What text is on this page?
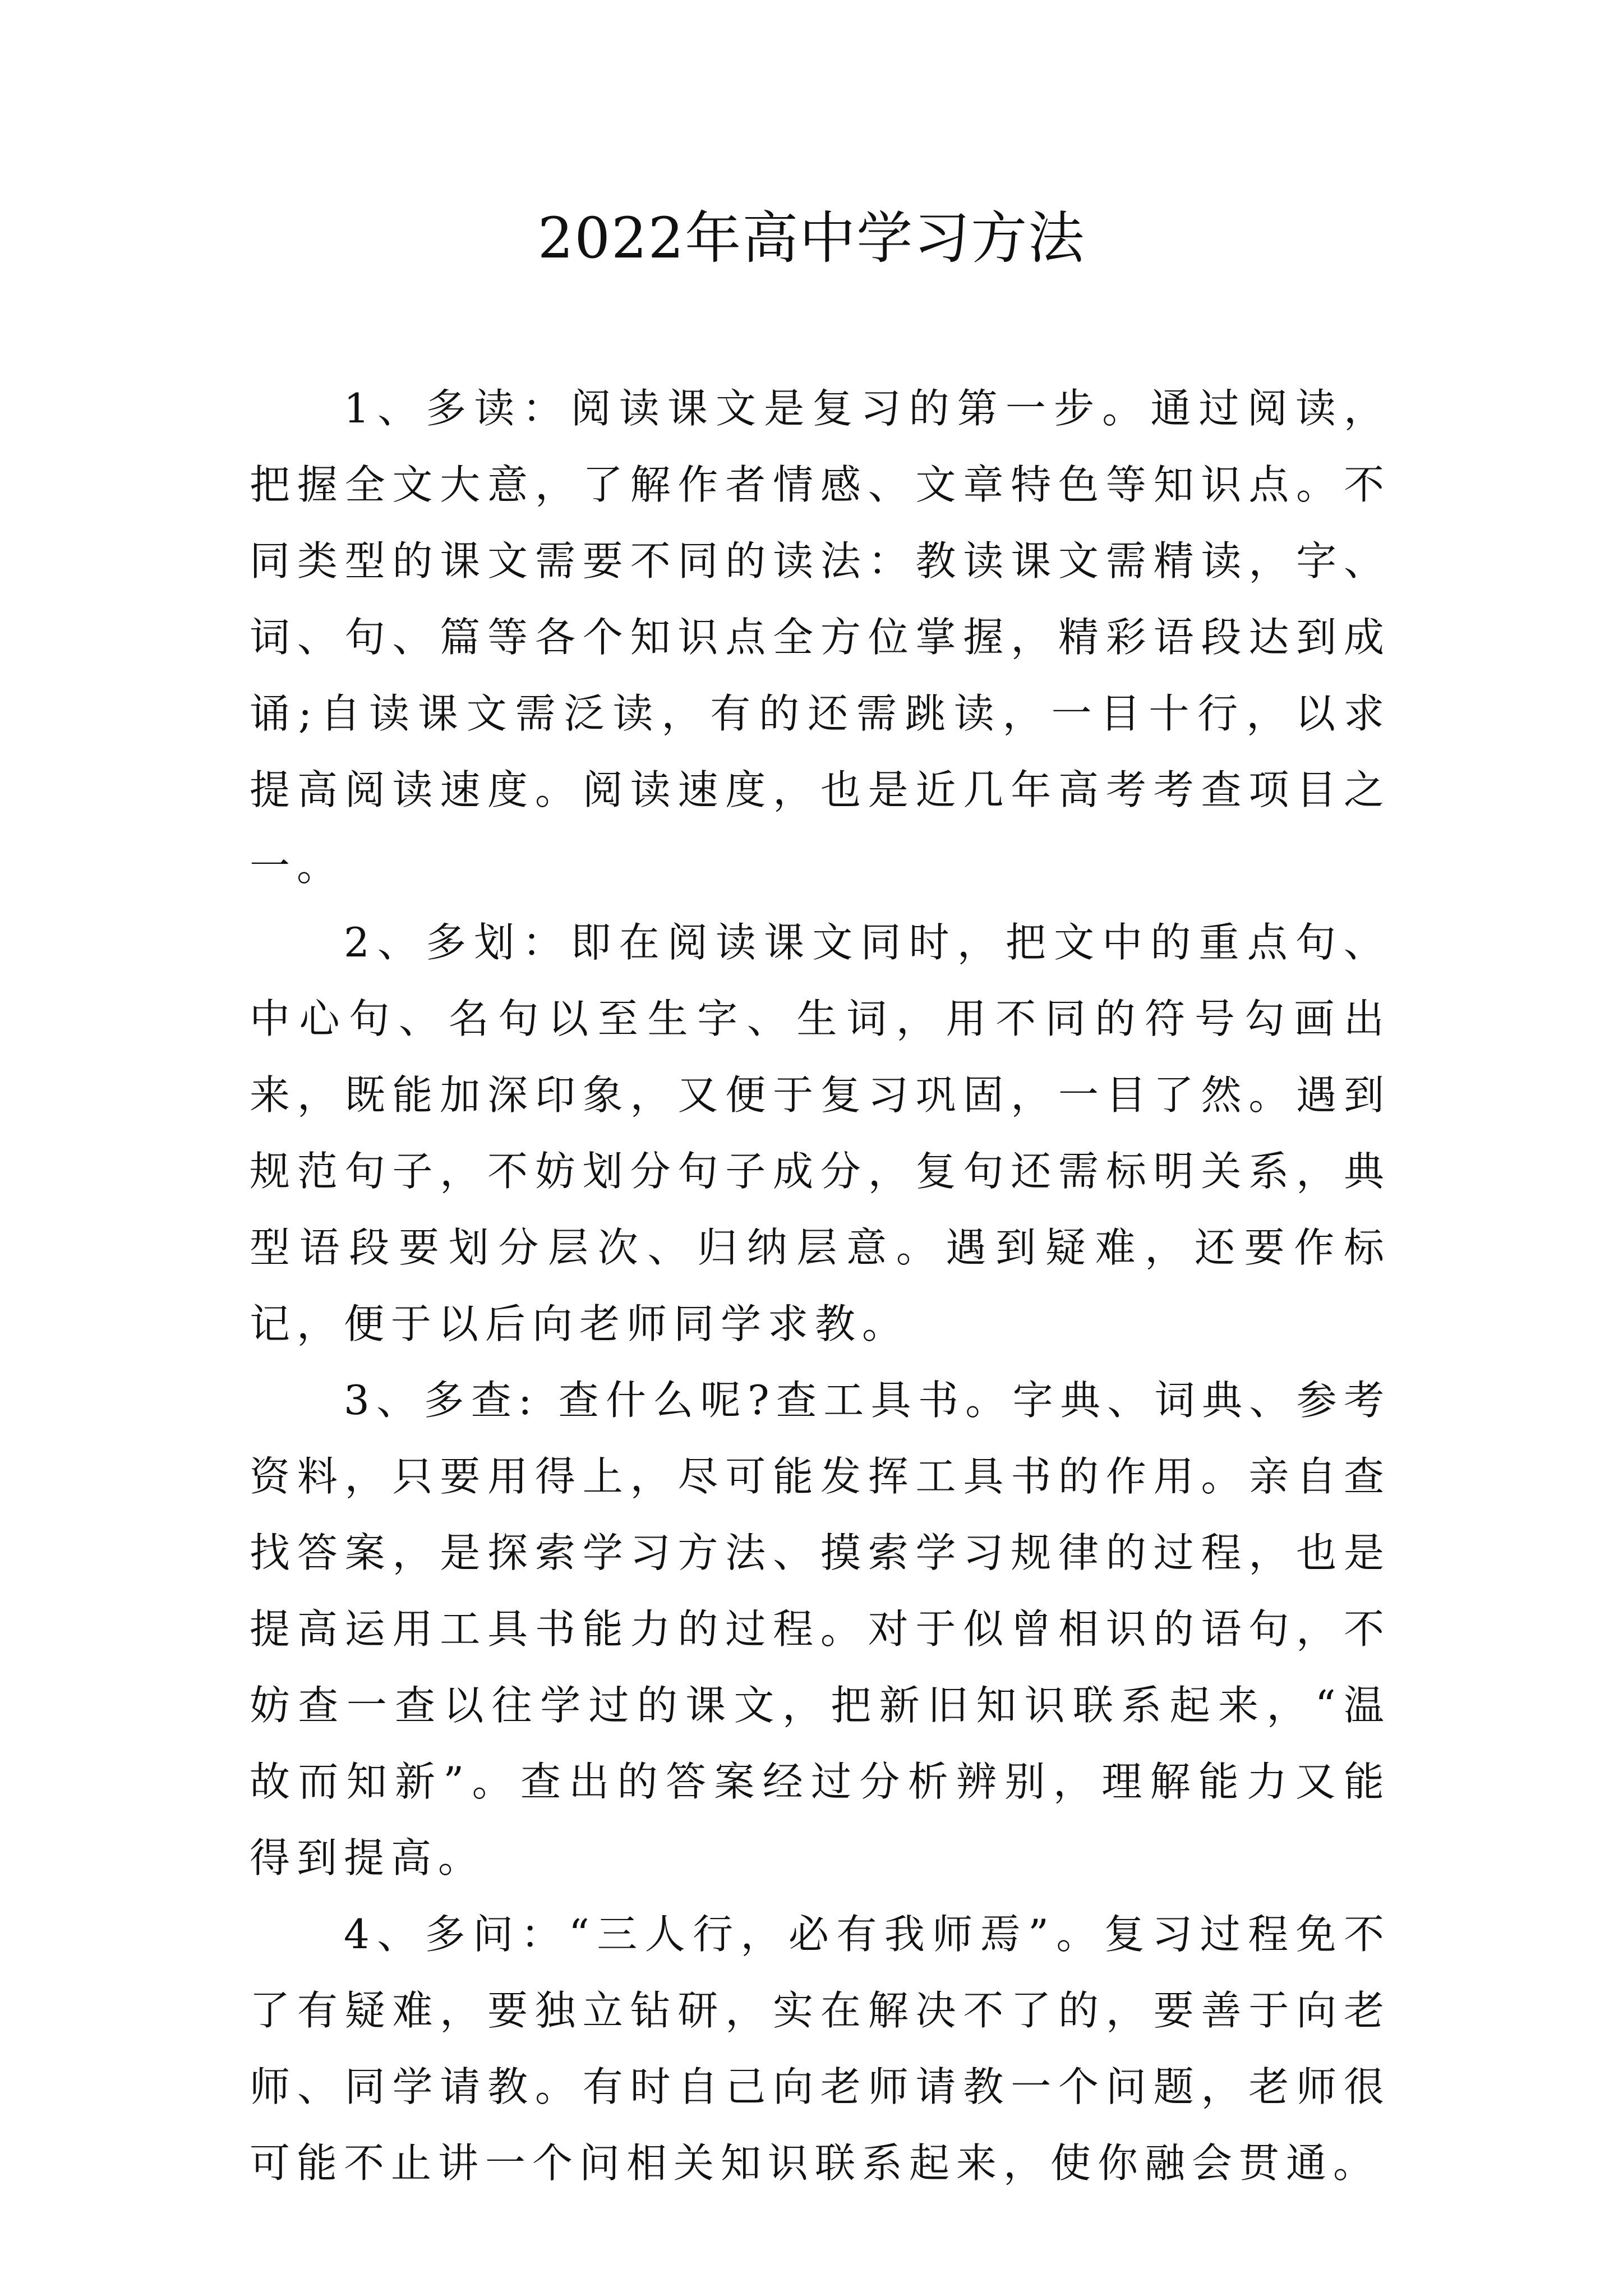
2022年高中学习方法

1、多读：阅读课文是复习的第一步。通过阅读，把握全文大意，了解作者情感、文章特色等知识点。不同类型的课文需要不同的读法：教读课文需精读，字、词、句、篇等各个知识点全方位掌握，精彩语段达到成诵;自读课文需泛读，有的还需跳读，一目十行，以求提高阅读速度。阅读速度，也是近几年高考考查项目之一。

2、多划：即在阅读课文同时，把文中的重点句、中心句、名句以至生字、生词，用不同的符号勾画出来，既能加深印象，又便于复习巩固，一目了然。遇到规范句子，不妨划分句子成分，复句还需标明关系，典型语段要划分层次、归纳层意。遇到疑难，还要作标记，便于以后向老师同学求教。

3、多查: 查什么呢?查工具书。字典、词典、参考资料，只要用得上，尽可能发挥工具书的作用。亲自查找答案，是探索学习方法、摸索学习规律的过程，也是提高运用工具书能力的过程。对于似曾相识的语句，不妨查一查以往学过的课文，把新旧知识联系起来，“温故而知新”。查出的答案经过分析辨别，理解能力又能得到提高。

4、多问：“三人行，必有我师焉”。复习过程免不了有疑难，要独立钻研，实在解决不了的，要善于向老师、同学请教。有时自己向老师请教一个问题，老师很可能不止讲一个问相关知识联系起来，使你融会贯通。
